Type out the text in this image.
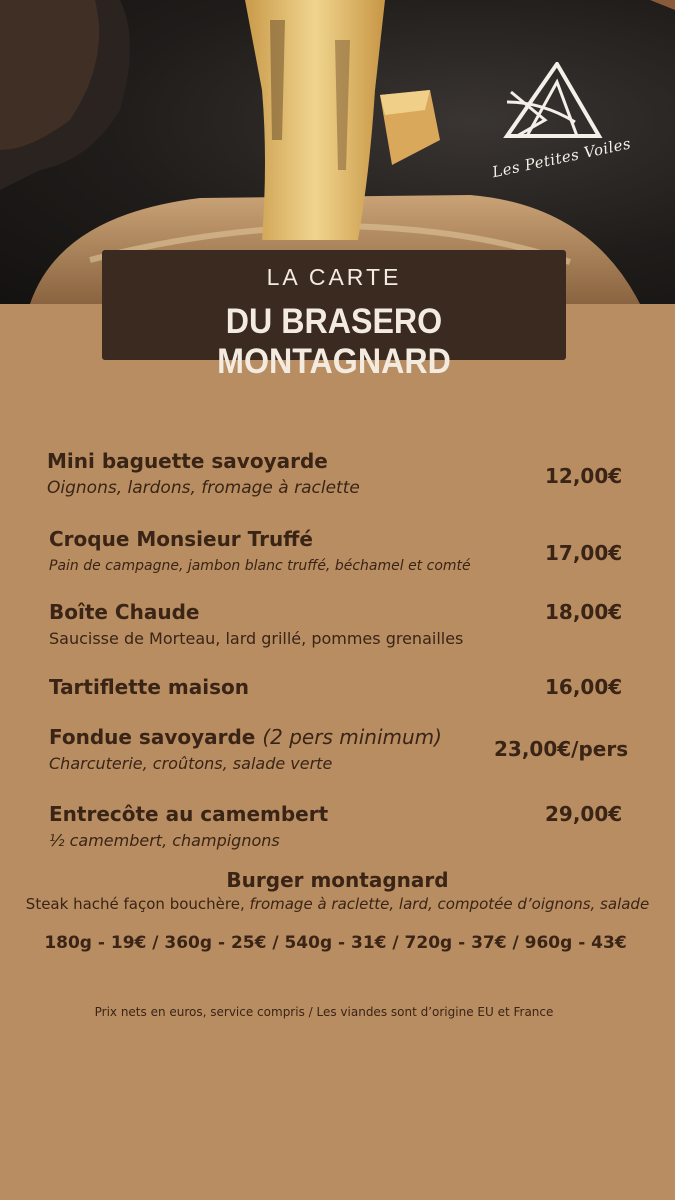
Les Petites Voiles
LA CARTE
DU BRASERO MONTAGNARD
Mini baguette savoyarde
Oignons, lardons, fromage à raclette	12,00€
Croque Monsieur Truffé
Pain de campagne, jambon blanc truffé, béchamel et comté
17,00€
Boîte Chaude
Saucisse de Morteau, lard grillé, pommes grenailles
18,00€
Tartiflette maison	16,00€
Fondue savoyarde (2 pers minimum)
Charcuterie, croûtons, salade verte
23,00€/pers
Entrecôte au camembert
½ camembert, champignons
29,00€
Burger montagnard
Steak haché façon bouchère, fromage à raclette, lard, compotée d’oignons, salade
180g - 19€ / 360g - 25€ / 540g - 31€ / 720g - 37€ / 960g - 43€
Prix nets en euros, service compris / Les viandes sont d’origine EU et France
